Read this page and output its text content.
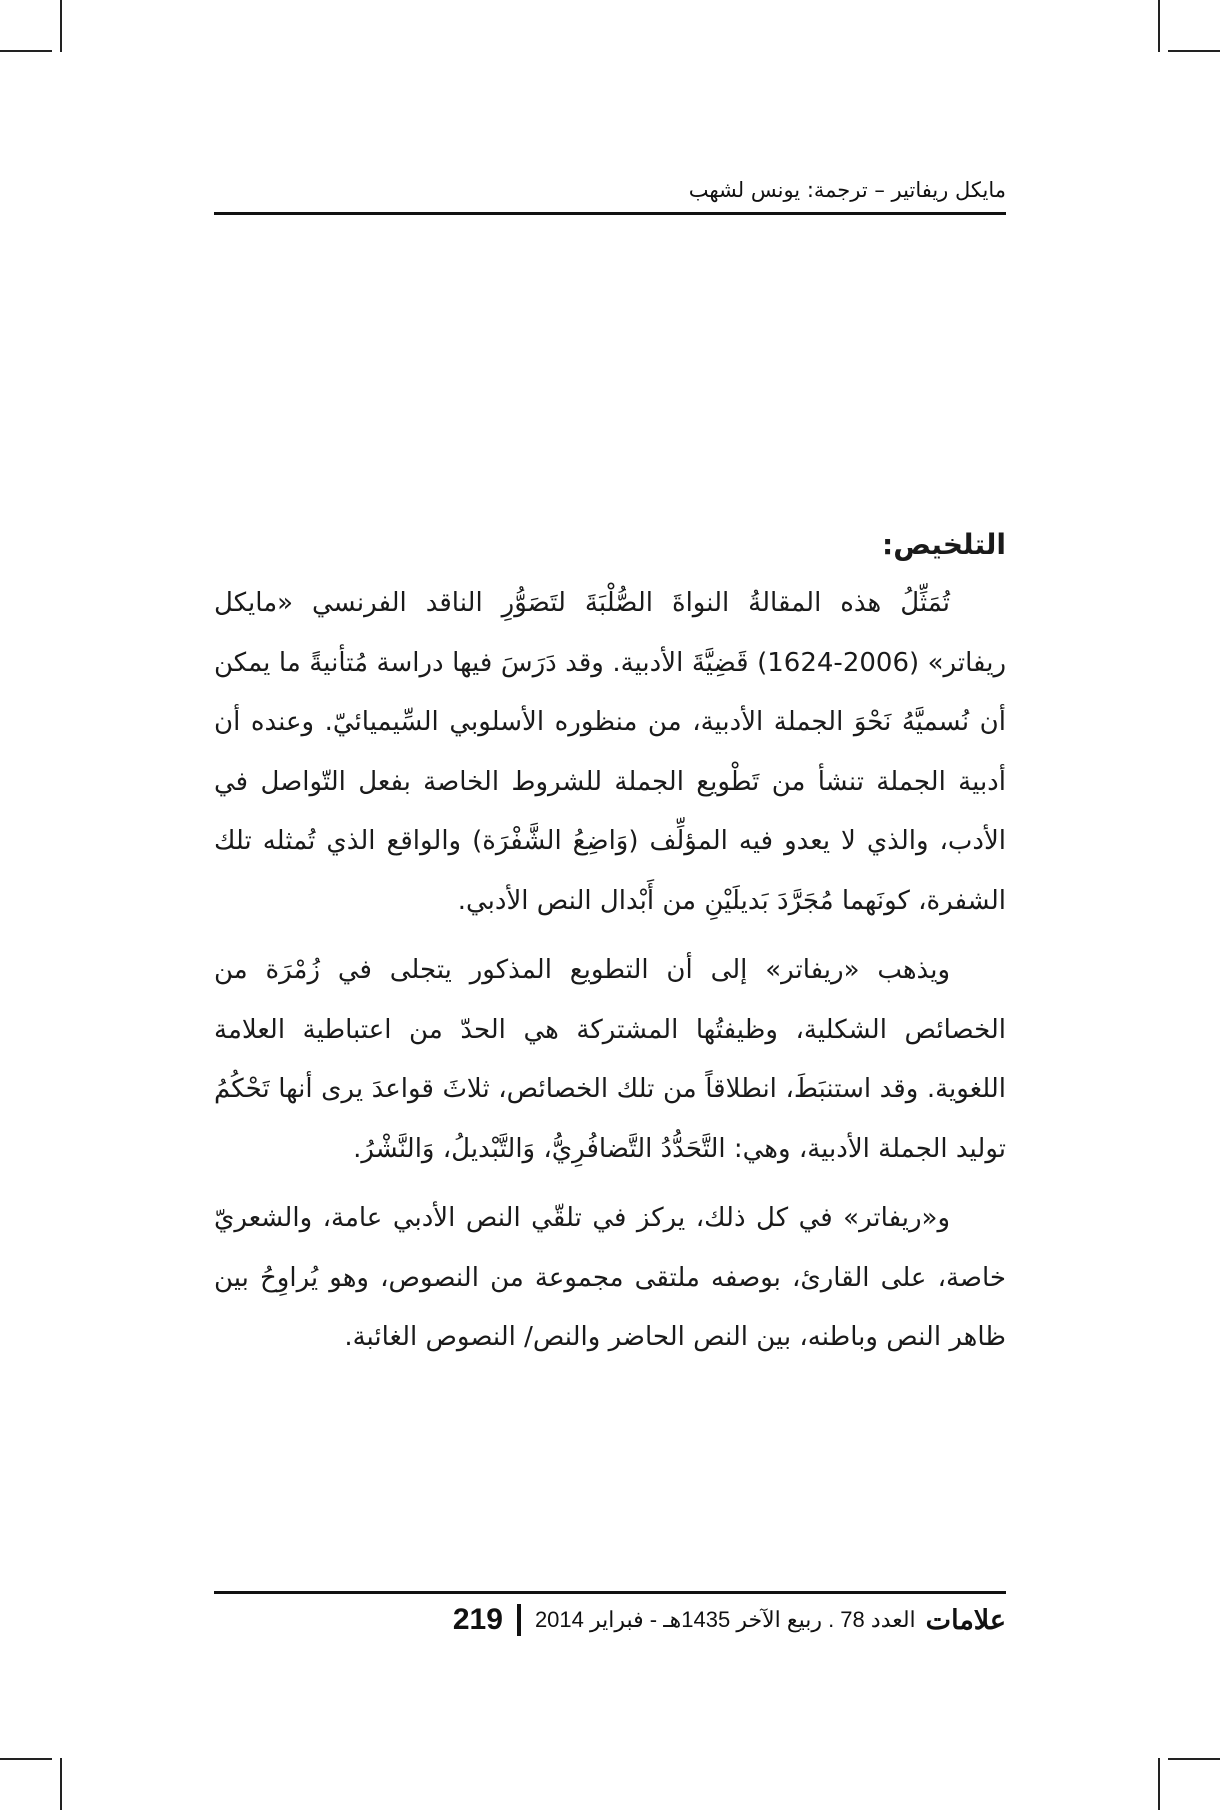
مايكل ريفاتير – ترجمة: يونس لشهب
التلخيص:

تُمَثِّلُ هذه المقالةُ النواةَ الصُّلْبَةَ لتَصَوُّرِ الناقد الفرنسي «مايكل ريفاتر» (2006-1624) قَضِيَّةَ الأدبية. وقد دَرَسَ فيها دراسة مُتأنيةً ما يمكن أن نُسميَّهُ نَحْوَ الجملة الأدبية، من منظوره الأسلوبي السِّيميائيّ. وعنده أن أدبية الجملة تنشأ من تَطْويع الجملة للشروط الخاصة بفعل التّواصل في الأدب، والذي لا يعدو فيه المؤلِّف (وَاضِعُ الشَّفْرَة) والواقع الذي تُمثله تلك الشفرة، كونَهما مُجَرَّدَ بَديلَيْنِ من أَبْدال النص الأدبي.

ويذهب «ريفاتر» إلى أن التطويع المذكور يتجلى في زُمْرَة من الخصائص الشكلية، وظيفتُها المشتركة هي الحدّ من اعتباطية العلامة اللغوية. وقد استنبَطَ، انطلاقاً من تلك الخصائص، ثلاثَ قواعدَ يرى أنها تَحْكُمُ توليد الجملة الأدبية، وهي: التَّحَدُّدُ التَّضافُرِيُّ، وَالتَّبْديلُ، وَالنَّشْرُ.

و«ريفاتر» في كل ذلك، يركز في تلقّي النص الأدبي عامة، والشعريّ خاصة، على القارئ، بوصفه ملتقى مجموعة من النصوص، وهو يُراوِحُ بين ظاهر النص وباطنه، بين النص الحاضر والنص/ النصوص الغائبة.

علامات
العدد 78 . ربيع الآخر 1435هـ - فبراير 2014
219
